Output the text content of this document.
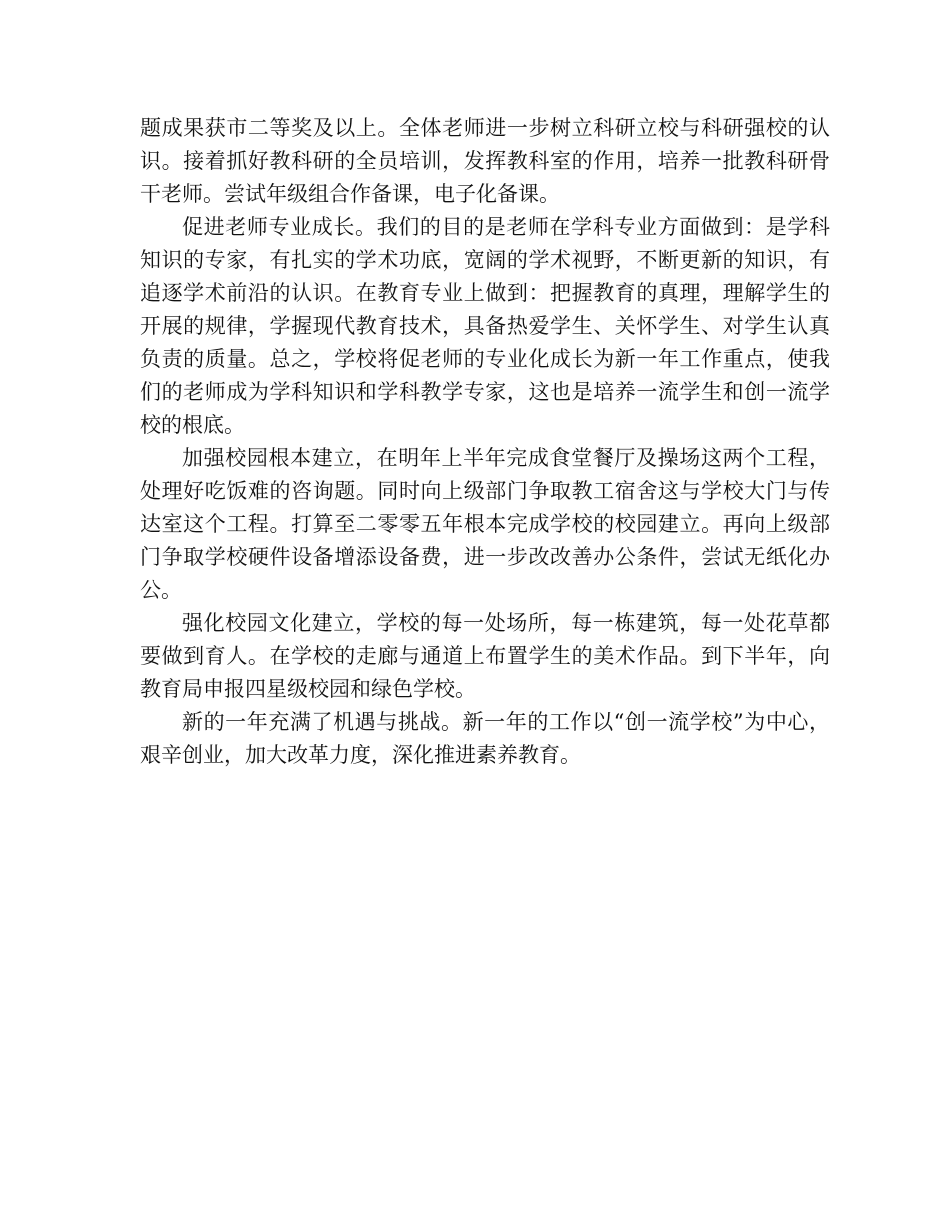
题成果获市二等奖及以上。全体老师进一步树立科研立校与科研强校的认识。接着抓好教科研的全员培训，发挥教科室的作用，培养一批教科研骨干老师。尝试年级组合作备课，电子化备课。

促进老师专业成长。我们的目的是老师在学科专业方面做到：是学科知识的专家，有扎实的学术功底，宽阔的学术视野，不断更新的知识，有追逐学术前沿的认识。在教育专业上做到：把握教育的真理，理解学生的开展的规律，学握现代教育技术，具备热爱学生、关怀学生、对学生认真负责的质量。总之，学校将促老师的专业化成长为新一年工作重点，使我们的老师成为学科知识和学科教学专家，这也是培养一流学生和创一流学校的根底。

加强校园根本建立，在明年上半年完成食堂餐厅及操场这两个工程，处理好吃饭难的咨询题。同时向上级部门争取教工宿舍这与学校大门与传达室这个工程。打算至二零零五年根本完成学校的校园建立。再向上级部门争取学校硬件设备增添设备费，进一步改改善办公条件，尝试无纸化办公。

强化校园文化建立，学校的每一处场所，每一栋建筑，每一处花草都要做到育人。在学校的走廊与通道上布置学生的美术作品。到下半年，向教育局申报四星级校园和绿色学校。

新的一年充满了机遇与挑战。新一年的工作以“创一流学校”为中心，艰辛创业，加大改革力度，深化推进素养教育。
